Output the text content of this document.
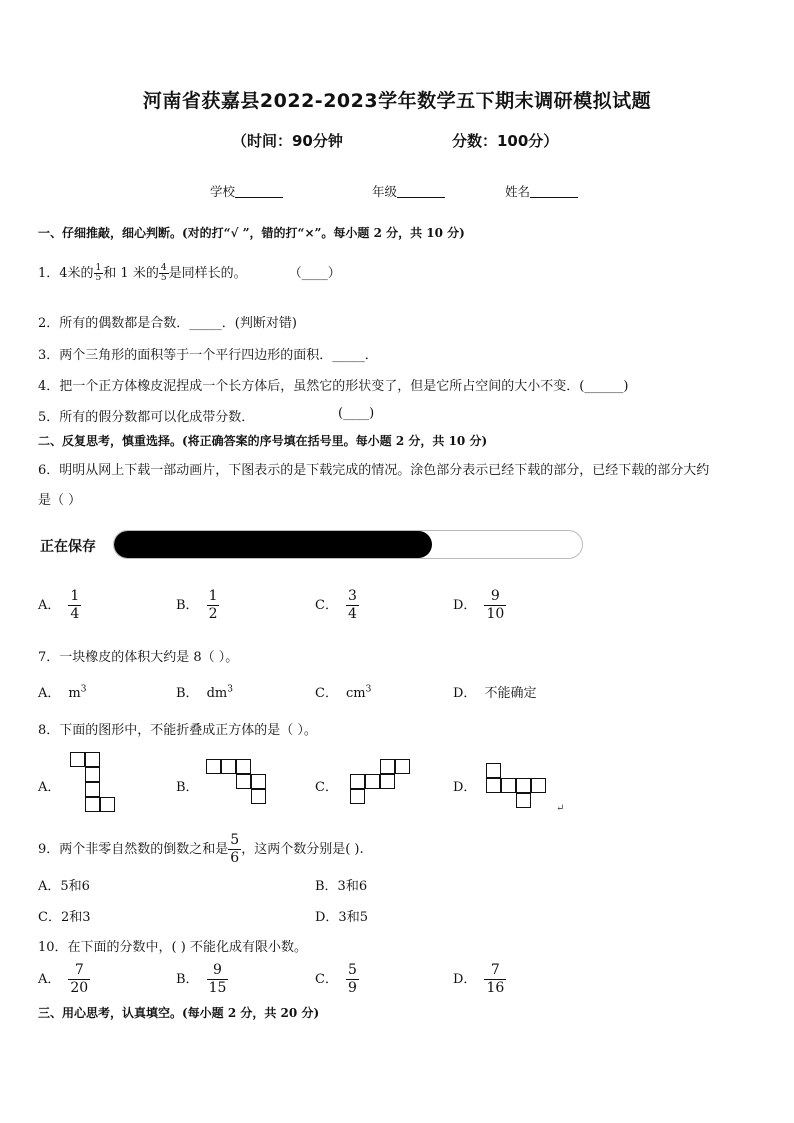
河南省获嘉县2022-2023学年数学五下期末调研模拟试题
（时间：90分钟	分数：100分）
学校	年级	姓名
一、仔细推敲，细心判断。(对的打“√ ”，错的打“×”。每小题 2 分，共 10 分)
1．4米的 $\frac{1}{5}$ 和 1 米的 $\frac{4}{5}$ 是同样长的。	（____）
2．所有的偶数都是合数．_____．(判断对错)
3．两个三角形的面积等于一个平行四边形的面积．_____．
4．把一个正方体橡皮泥捏成一个长方体后，虽然它的形状变了，但是它所占空间的大小不变．(______)
5．所有的假分数都可以化成带分数．	(____)
二、反复思考，慎重选择。(将正确答案的序号填在括号里。每小题 2 分，共 10 分)
6．明明从网上下载一部动画片，下图表示的是下载完成的情况。涂色部分表示已经下载的部分，已经下载的部分大约
是（ ）
正在保存
A． $\frac{1}{4}$	B． $\frac{1}{2}$	C． $\frac{3}{4}$	D． $\frac{9}{10}$
7．一块橡皮的体积大约是 8（ ）。
A． $m^3$	B． $dm^3$	C． $cm^3$	D． 不能确定
8．下面的图形中，不能折叠成正方体的是（ ）。
A．	B．	C．	D．
↵
9．两个非零自然数的倒数之和是 $\frac{5}{6}$ ，这两个数分别是( ).
A．5和6	B．3和6
C．2和3	D．3和5
10．在下面的分数中，( ) 不能化成有限小数。
A． $\frac{7}{20}$	B． $\frac{9}{15}$	C． $\frac{5}{9}$	D． $\frac{7}{16}$
三、用心思考，认真填空。(每小题 2 分，共 20 分)
